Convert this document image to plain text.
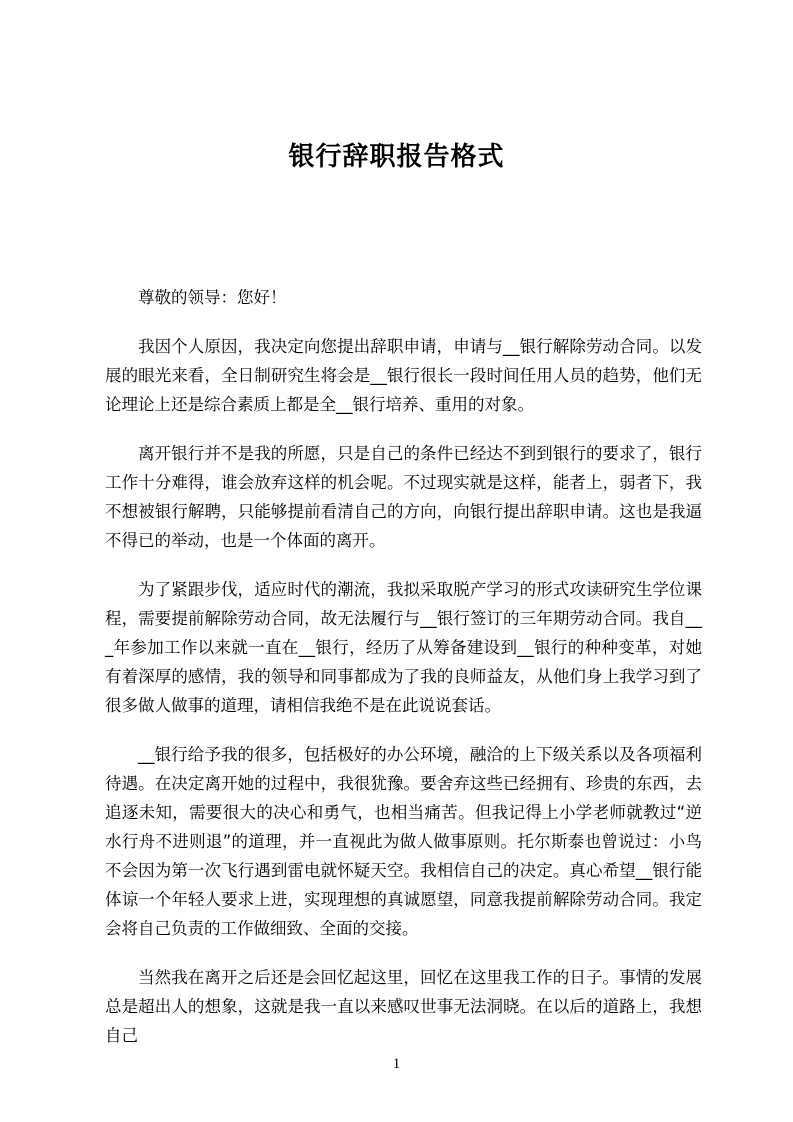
银行辞职报告格式

尊敬的领导：您好！

我因个人原因，我决定向您提出辞职申请，申请与__银行解除劳动合同。以发展的眼光来看，全日制研究生将会是__银行很长一段时间任用人员的趋势，他们无论理论上还是综合素质上都是全__银行培养、重用的对象。

离开银行并不是我的所愿，只是自己的条件已经达不到到银行的要求了，银行工作十分难得，谁会放弃这样的机会呢。不过现实就是这样，能者上，弱者下，我不想被银行解聘，只能够提前看清自己的方向，向银行提出辞职申请。这也是我逼不得已的举动，也是一个体面的离开。

为了紧跟步伐，适应时代的潮流，我拟采取脱产学习的形式攻读研究生学位课程，需要提前解除劳动合同，故无法履行与__银行签订的三年期劳动合同。我自___年参加工作以来就一直在__银行，经历了从筹备建设到__银行的种种变革，对她有着深厚的感情，我的领导和同事都成为了我的良师益友，从他们身上我学习到了很多做人做事的道理，请相信我绝不是在此说说套话。

__银行给予我的很多，包括极好的办公环境，融洽的上下级关系以及各项福利待遇。在决定离开她的过程中，我很犹豫。要舍弃这些已经拥有、珍贵的东西，去追逐未知，需要很大的决心和勇气，也相当痛苦。但我记得上小学老师就教过“逆水行舟不进则退”的道理，并一直视此为做人做事原则。托尔斯泰也曾说过：小鸟不会因为第一次飞行遇到雷电就怀疑天空。我相信自己的决定。真心希望__银行能体谅一个年轻人要求上进，实现理想的真诚愿望，同意我提前解除劳动合同。我定会将自己负责的工作做细致、全面的交接。

当然我在离开之后还是会回忆起这里，回忆在这里我工作的日子。事情的发展总是超出人的想象，这就是我一直以来感叹世事无法洞晓。在以后的道路上，我想自己

1
